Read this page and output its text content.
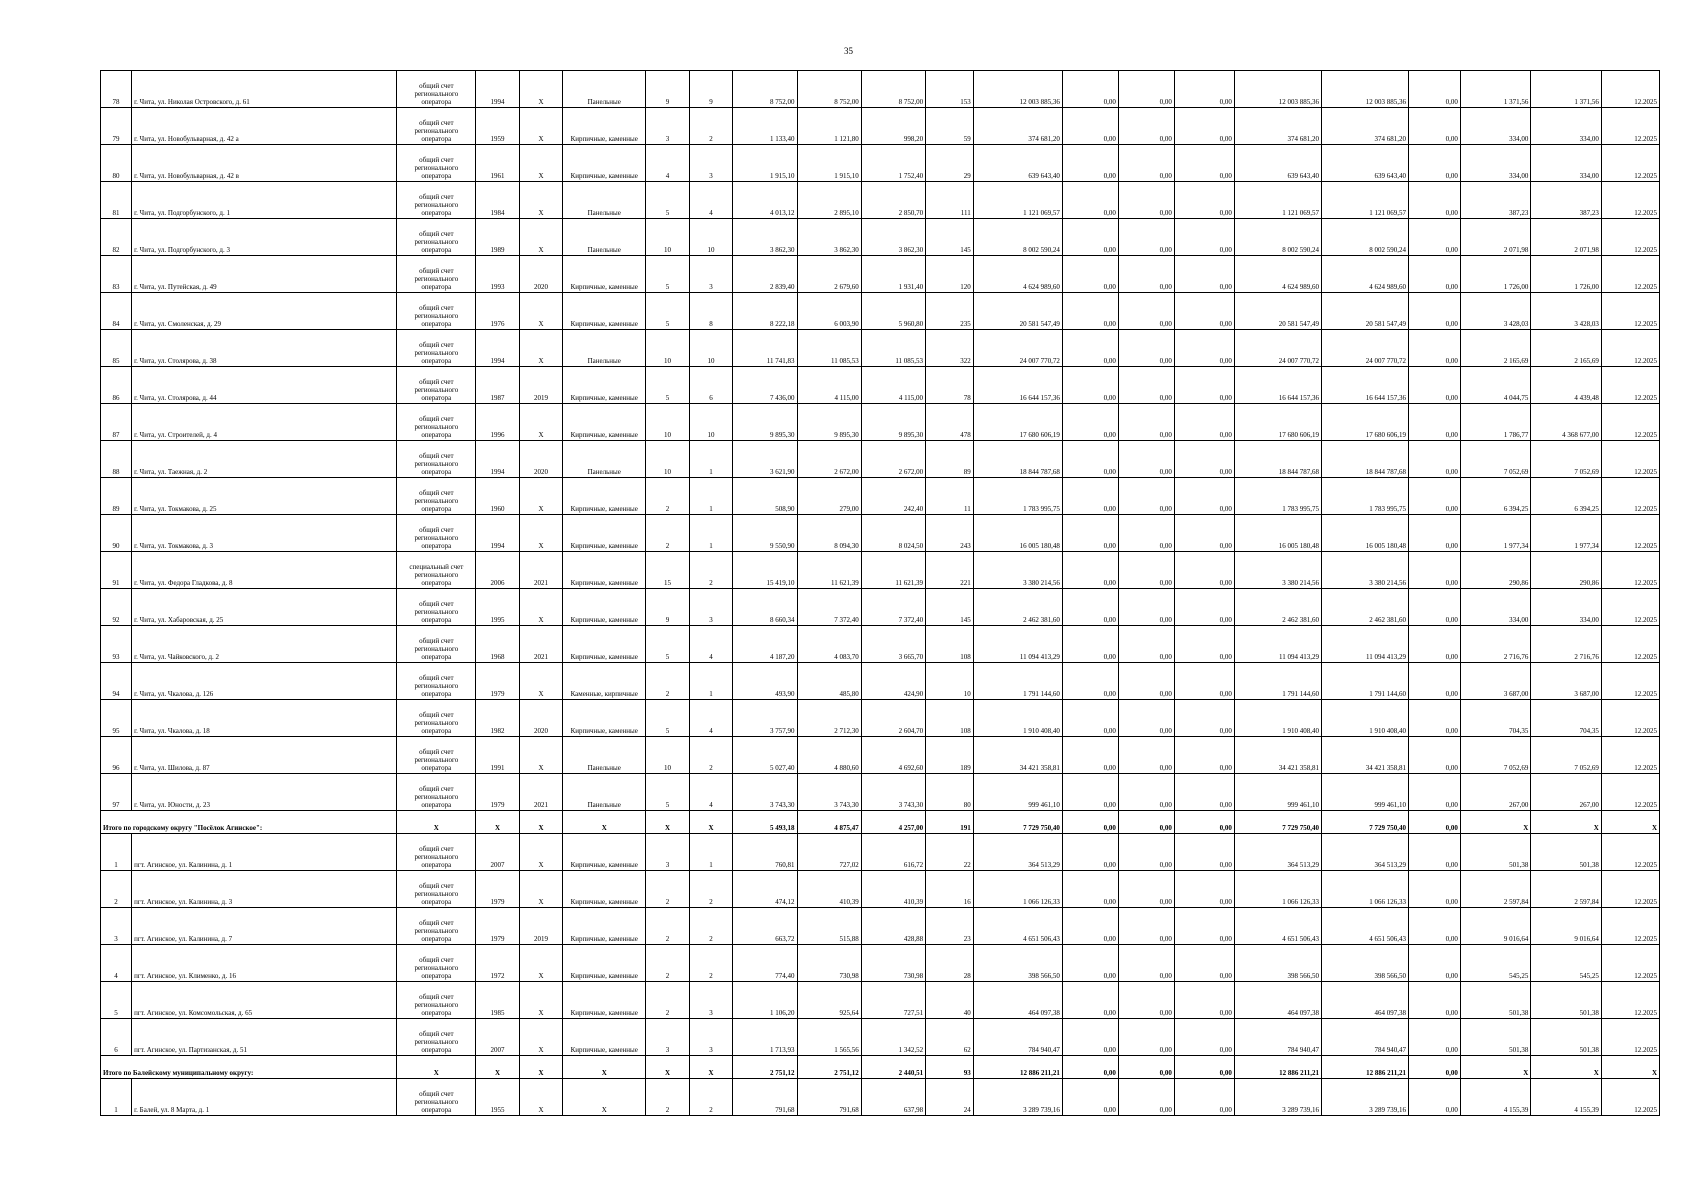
35
78	г. Чита, ул. Николая Островского, д. 61	общий счет регионального оператора	1994	X	Панельные	9	9	8 752,00	8 752,00	8 752,00	153	12 003 885,36	0,00	0,00	0,00	12 003 885,36	12 003 885,36	0,00	1 371,56	1 371,56	12.2025
79	г. Чита, ул. Новобульварная, д. 42 а	общий счет регионального оператора	1959	X	Кирпичные, каменные	3	2	1 133,40	1 121,80	998,20	59	374 681,20	0,00	0,00	0,00	374 681,20	374 681,20	0,00	334,00	334,00	12.2025
80	г. Чита, ул. Новобульварная, д. 42 в	общий счет регионального оператора	1961	X	Кирпичные, каменные	4	3	1 915,10	1 915,10	1 752,40	29	639 643,40	0,00	0,00	0,00	639 643,40	639 643,40	0,00	334,00	334,00	12.2025
81	г. Чита, ул. Подгорбунского, д. 1	общий счет регионального оператора	1984	X	Панельные	5	4	4 013,12	2 895,10	2 850,70	111	1 121 069,57	0,00	0,00	0,00	1 121 069,57	1 121 069,57	0,00	387,23	387,23	12.2025
82	г. Чита, ул. Подгорбунского, д. 3	общий счет регионального оператора	1989	X	Панельные	10	10	3 862,30	3 862,30	3 862,30	145	8 002 590,24	0,00	0,00	0,00	8 002 590,24	8 002 590,24	0,00	2 071,98	2 071,98	12.2025
83	г. Чита, ул. Путейская, д. 49	общий счет регионального оператора	1993	2020	Кирпичные, каменные	5	3	2 839,40	2 679,60	1 931,40	120	4 624 989,60	0,00	0,00	0,00	4 624 989,60	4 624 989,60	0,00	1 726,00	1 726,00	12.2025
84	г. Чита, ул. Смоленская, д. 29	общий счет регионального оператора	1976	X	Кирпичные, каменные	5	8	8 222,18	6 003,90	5 960,80	235	20 581 547,49	0,00	0,00	0,00	20 581 547,49	20 581 547,49	0,00	3 428,03	3 428,03	12.2025
85	г. Чита, ул. Столярова, д. 38	общий счет регионального оператора	1994	X	Панельные	10	10	11 741,83	11 085,53	11 085,53	322	24 007 770,72	0,00	0,00	0,00	24 007 770,72	24 007 770,72	0,00	2 165,69	2 165,69	12.2025
86	г. Чита, ул. Столярова, д. 44	общий счет регионального оператора	1987	2019	Кирпичные, каменные	5	6	7 436,00	4 115,00	4 115,00	78	16 644 157,36	0,00	0,00	0,00	16 644 157,36	16 644 157,36	0,00	4 044,75	4 439,48	12.2025
87	г. Чита, ул. Строителей, д. 4	общий счет регионального оператора	1996	X	Кирпичные, каменные	10	10	9 895,30	9 895,30	9 895,30	478	17 680 606,19	0,00	0,00	0,00	17 680 606,19	17 680 606,19	0,00	1 786,77	4 368 677,00	12.2025
88	г. Чита, ул. Таежная, д. 2	общий счет регионального оператора	1994	2020	Панельные	10	1	3 621,90	2 672,00	2 672,00	89	18 844 787,68	0,00	0,00	0,00	18 844 787,68	18 844 787,68	0,00	7 052,69	7 052,69	12.2025
89	г. Чита, ул. Токмакова, д. 25	общий счет регионального оператора	1960	X	Кирпичные, каменные	2	1	508,90	279,00	242,40	11	1 783 995,75	0,00	0,00	0,00	1 783 995,75	1 783 995,75	0,00	6 394,25	6 394,25	12.2025
90	г. Чита, ул. Токмакова, д. 3	общий счет регионального оператора	1994	X	Кирпичные, каменные	2	1	9 550,90	8 094,30	8 024,50	243	16 005 180,48	0,00	0,00	0,00	16 005 180,48	16 005 180,48	0,00	1 977,34	1 977,34	12.2025
91	г. Чита, ул. Федора Гладкова, д. 8	специальный счет регионального оператора	2006	2021	Кирпичные, каменные	15	2	15 419,10	11 621,39	11 621,39	221	3 380 214,56	0,00	0,00	0,00	3 380 214,56	3 380 214,56	0,00	290,86	290,86	12.2025
92	г. Чита, ул. Хабаровская, д. 25	общий счет регионального оператора	1995	X	Кирпичные, каменные	9	3	8 660,34	7 372,40	7 372,40	145	2 462 381,60	0,00	0,00	0,00	2 462 381,60	2 462 381,60	0,00	334,00	334,00	12.2025
93	г. Чита, ул. Чайковского, д. 2	общий счет регионального оператора	1968	2021	Кирпичные, каменные	5	4	4 187,20	4 083,70	3 665,70	108	11 094 413,29	0,00	0,00	0,00	11 094 413,29	11 094 413,29	0,00	2 716,76	2 716,76	12.2025
94	г. Чита, ул. Чкалова, д. 126	общий счет регионального оператора	1979	X	Каменные, кирпичные	2	1	493,90	485,80	424,90	10	1 791 144,60	0,00	0,00	0,00	1 791 144,60	1 791 144,60	0,00	3 687,00	3 687,00	12.2025
95	г. Чита, ул. Чкалова, д. 18	общий счет регионального оператора	1982	2020	Кирпичные, каменные	5	4	3 757,90	2 712,30	2 604,70	108	1 910 408,40	0,00	0,00	0,00	1 910 408,40	1 910 408,40	0,00	704,35	704,35	12.2025
96	г. Чита, ул. Шилова, д. 87	общий счет регионального оператора	1991	X	Панельные	10	2	5 027,40	4 880,60	4 692,60	189	34 421 358,81	0,00	0,00	0,00	34 421 358,81	34 421 358,81	0,00	7 052,69	7 052,69	12.2025
97	г. Чита, ул. Юности, д. 23	общий счет регионального оператора	1979	2021	Панельные	5	4	3 743,30	3 743,30	3 743,30	80	999 461,10	0,00	0,00	0,00	999 461,10	999 461,10	0,00	267,00	267,00	12.2025
Итого по городскому округу "Посёлок Агинское":		X	X	X	X	X	X	5 493,18	4 875,47	4 257,00	191	7 729 750,40	0,00	0,00	0,00	7 729 750,40	7 729 750,40	0,00	X	X	X
1	пгт. Агинское, ул. Калинина, д. 1	общий счет регионального оператора	2007	X	Кирпичные, каменные	3	1	760,81	727,02	616,72	22	364 513,29	0,00	0,00	0,00	364 513,29	364 513,29	0,00	501,38	501,38	12.2025
2	пгт. Агинское, ул. Калинина, д. 3	общий счет регионального оператора	1979	X	Кирпичные, каменные	2	2	474,12	410,39	410,39	16	1 066 126,33	0,00	0,00	0,00	1 066 126,33	1 066 126,33	0,00	2 597,84	2 597,84	12.2025
3	пгт. Агинское, ул. Калинина, д. 7	общий счет регионального оператора	1979	2019	Кирпичные, каменные	2	2	663,72	515,88	428,88	23	4 651 506,43	0,00	0,00	0,00	4 651 506,43	4 651 506,43	0,00	9 016,64	9 016,64	12.2025
4	пгт. Агинское, ул. Клименко, д. 16	общий счет регионального оператора	1972	X	Кирпичные, каменные	2	2	774,40	730,98	730,98	28	398 566,50	0,00	0,00	0,00	398 566,50	398 566,50	0,00	545,25	545,25	12.2025
5	пгт. Агинское, ул. Комсомольская, д. 65	общий счет регионального оператора	1985	X	Кирпичные, каменные	2	3	1 106,20	925,64	727,51	40	464 097,38	0,00	0,00	0,00	464 097,38	464 097,38	0,00	501,38	501,38	12.2025
6	пгт. Агинское, ул. Партизанская, д. 51	общий счет регионального оператора	2007	X	Кирпичные, каменные	3	3	1 713,93	1 565,56	1 342,52	62	784 940,47	0,00	0,00	0,00	784 940,47	784 940,47	0,00	501,38	501,38	12.2025
Итого по Балейскому муниципальному округу:		X	X	X	X	X	X	2 751,12	2 751,12	2 440,51	93	12 886 211,21	0,00	0,00	0,00	12 886 211,21	12 886 211,21	0,00	X	X	X
1	г. Балей, ул. 8 Марта, д. 1	общий счет регионального оператора	1955	X	X	2	2	791,68	791,68	637,98	24	3 289 739,16	0,00	0,00	0,00	3 289 739,16	3 289 739,16	0,00	4 155,39	4 155,39	12.2025
